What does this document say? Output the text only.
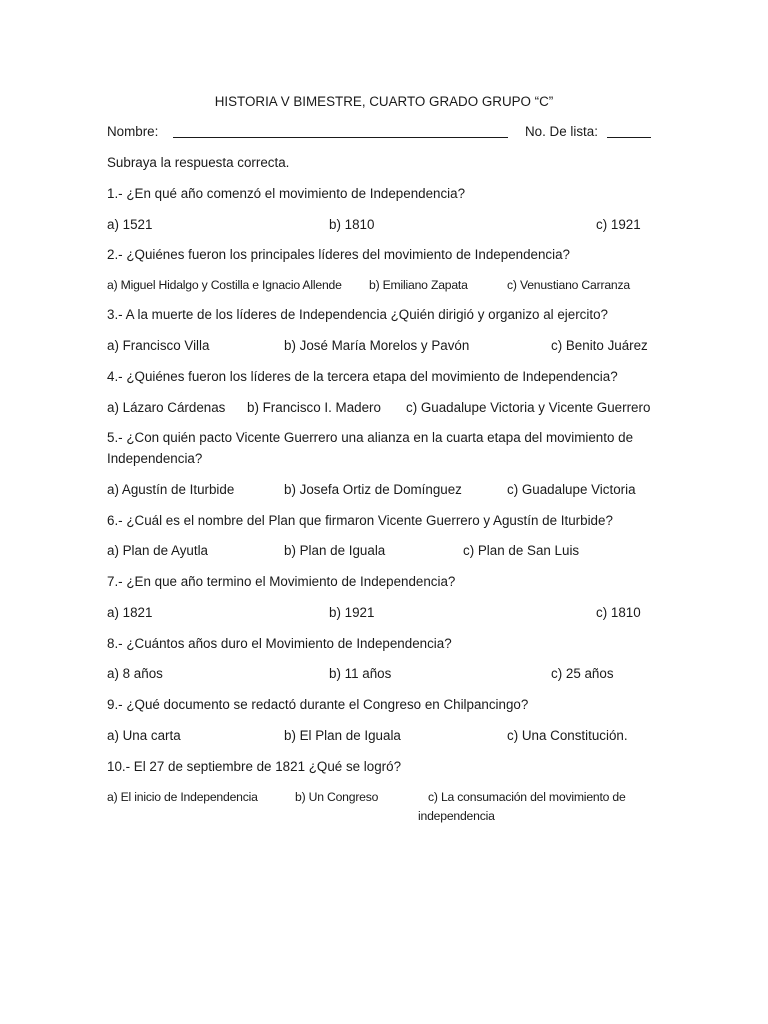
HISTORIA V BIMESTRE, CUARTO GRADO GRUPO “C”
Nombre:	No. De lista:
Subraya la respuesta correcta.
1.- ¿En qué año comenzó el movimiento de Independencia?
a) 1521	b) 1810	c) 1921
2.- ¿Quiénes fueron los principales líderes del movimiento de Independencia?
a) Miguel Hidalgo y Costilla e Ignacio Allende b) Emiliano Zapata	c) Venustiano Carranza
3.- A la muerte de los líderes de Independencia ¿Quién dirigió y organizo al ejercito?
a) Francisco Villa	b) José María Morelos y Pavón	c) Benito Juárez
4.- ¿Quiénes fueron los líderes de la tercera etapa del movimiento de Independencia?
a) Lázaro Cárdenas b) Francisco I. Madero c) Guadalupe Victoria y Vicente Guerrero
5.- ¿Con quién pacto Vicente Guerrero una alianza en la cuarta etapa del movimiento de
Independencia?
a) Agustín de Iturbide	b) Josefa Ortiz de Domínguez	c) Guadalupe Victoria
6.- ¿Cuál es el nombre del Plan que firmaron Vicente Guerrero y Agustín de Iturbide?
a) Plan de Ayutla	b) Plan de Iguala	c) Plan de San Luis
7.- ¿En que año termino el Movimiento de Independencia?
a) 1821	b) 1921	c) 1810
8.- ¿Cuántos años duro el Movimiento de Independencia?
a) 8 años	b) 11 años	c) 25 años
9.- ¿Qué documento se redactó durante el Congreso en Chilpancingo?
a) Una carta	b) El Plan de Iguala	c) Una Constitución.
10.- El 27 de septiembre de 1821 ¿Qué se logró?
a) El inicio de Independencia	b) Un Congreso	c) La consumación del movimiento de
independencia
